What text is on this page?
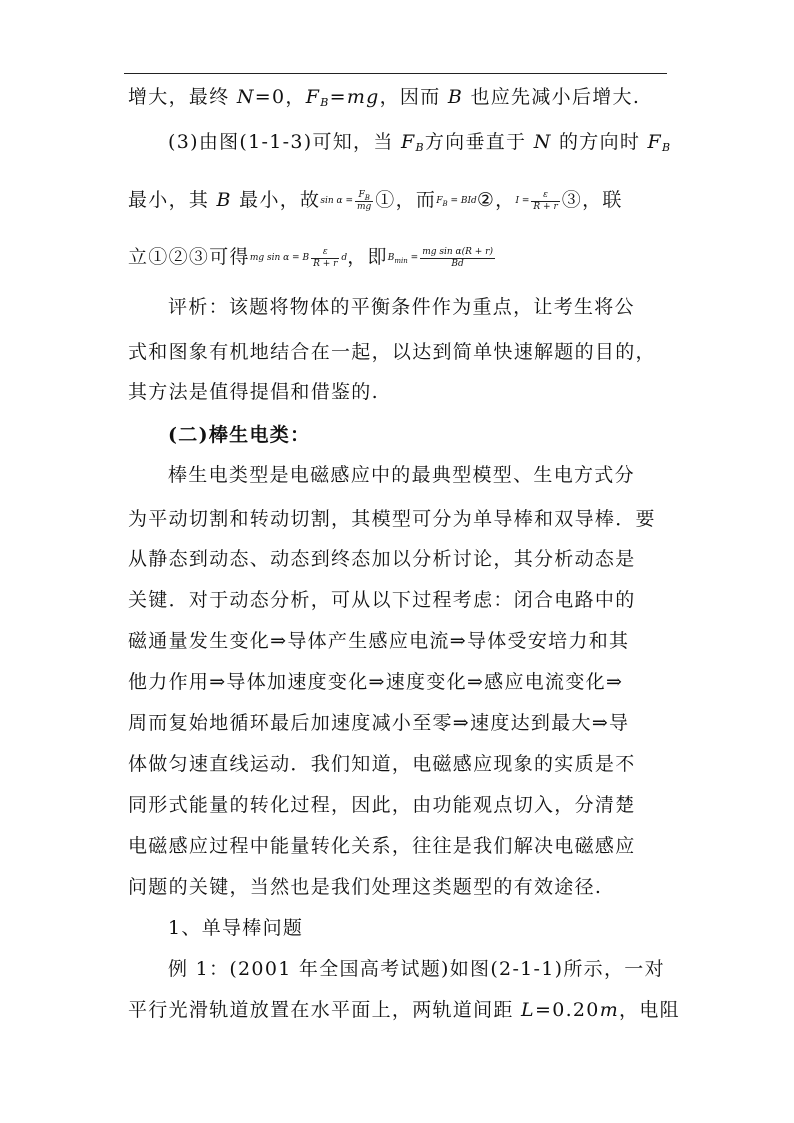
增大，最终 N=0，$F_B=mg$，因而 B 也应先减小后增大.
(3)由图(1-1-3)可知，当 $F_B$方向垂直于 N 的方向时 $F_B$
最小，其 B 最小，故$\sin \alpha = \frac{F_B}{mg}$ ①，而$F_B$ = BId②，$I = \frac{\varepsilon}{R + r}$ ③，联
立①②③可得mg sin α = B $\frac{\varepsilon}{R + r}$ d，即$B_{min} = \frac{\text{mg sin α(R + r)}}{Bd}$
评析：该题将物体的平衡条件作为重点，让考生将公
式和图象有机地结合在一起，以达到简单快速解题的目的，
其方法是值得提倡和借鉴的.
(二)棒生电类：
棒生电类型是电磁感应中的最典型模型、生电方式分
为平动切割和转动切割，其模型可分为单导棒和双导棒．要
从静态到动态、动态到终态加以分析讨论，其分析动态是
关键．对于动态分析，可从以下过程考虑：闭合电路中的
磁通量发生变化⇒导体产生感应电流⇒导体受安培力和其
他力作用⇒导体加速度变化⇒速度变化⇒感应电流变化⇒
周而复始地循环最后加速度减小至零⇒速度达到最大⇒导
体做匀速直线运动．我们知道，电磁感应现象的实质是不
同形式能量的转化过程，因此，由功能观点切入，分清楚
电磁感应过程中能量转化关系，往往是我们解决电磁感应
问题的关键，当然也是我们处理这类题型的有效途径.
1、单导棒问题
例 1：(2001 年全国高考试题)如图(2-1-1)所示，一对
平行光滑轨道放置在水平面上，两轨道间距 L=0.20m，电阻
